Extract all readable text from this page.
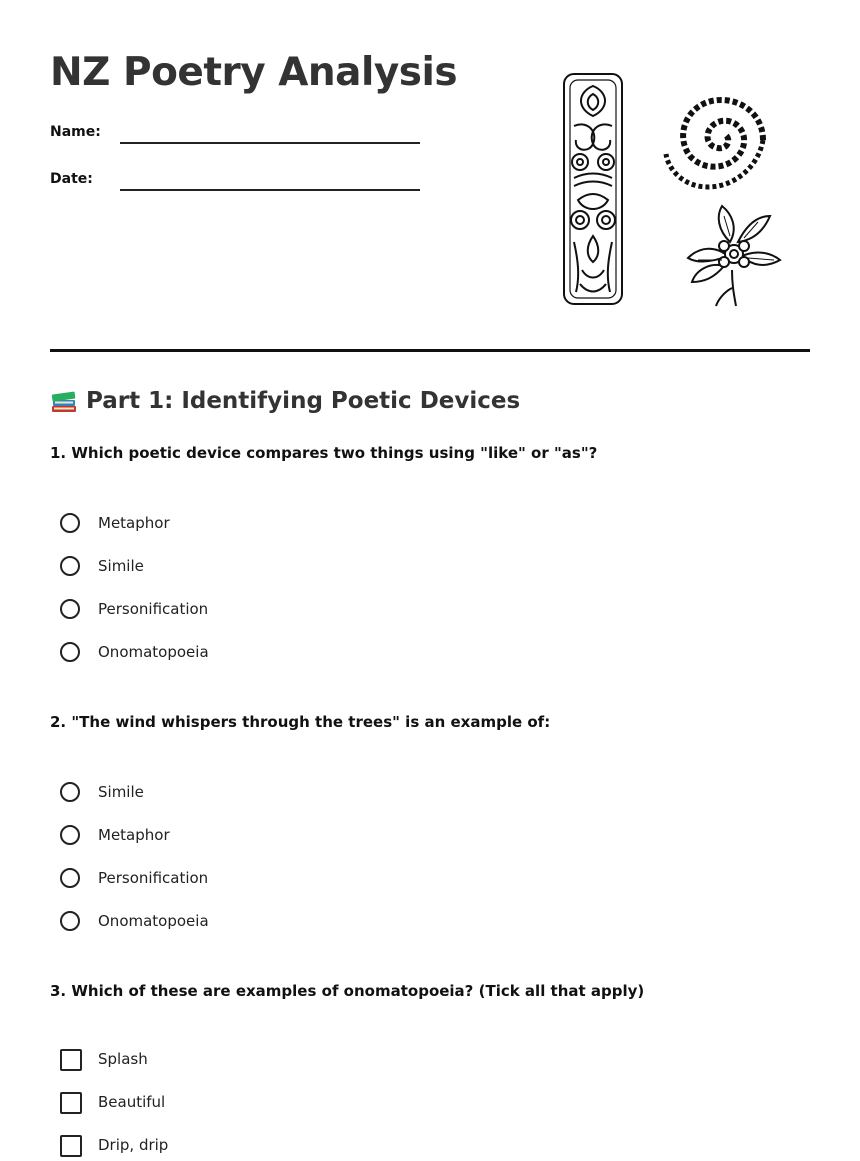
NZ Poetry Analysis
Name:
Date:
Part 1: Identifying Poetic Devices
1. Which poetic device compares two things using "like" or "as"?
Metaphor
Simile
Personification
Onomatopoeia
2. "The wind whispers through the trees" is an example of:
Simile
Metaphor
Personification
Onomatopoeia
3. Which of these are examples of onomatopoeia? (Tick all that apply)
Splash
Beautiful
Drip, drip
